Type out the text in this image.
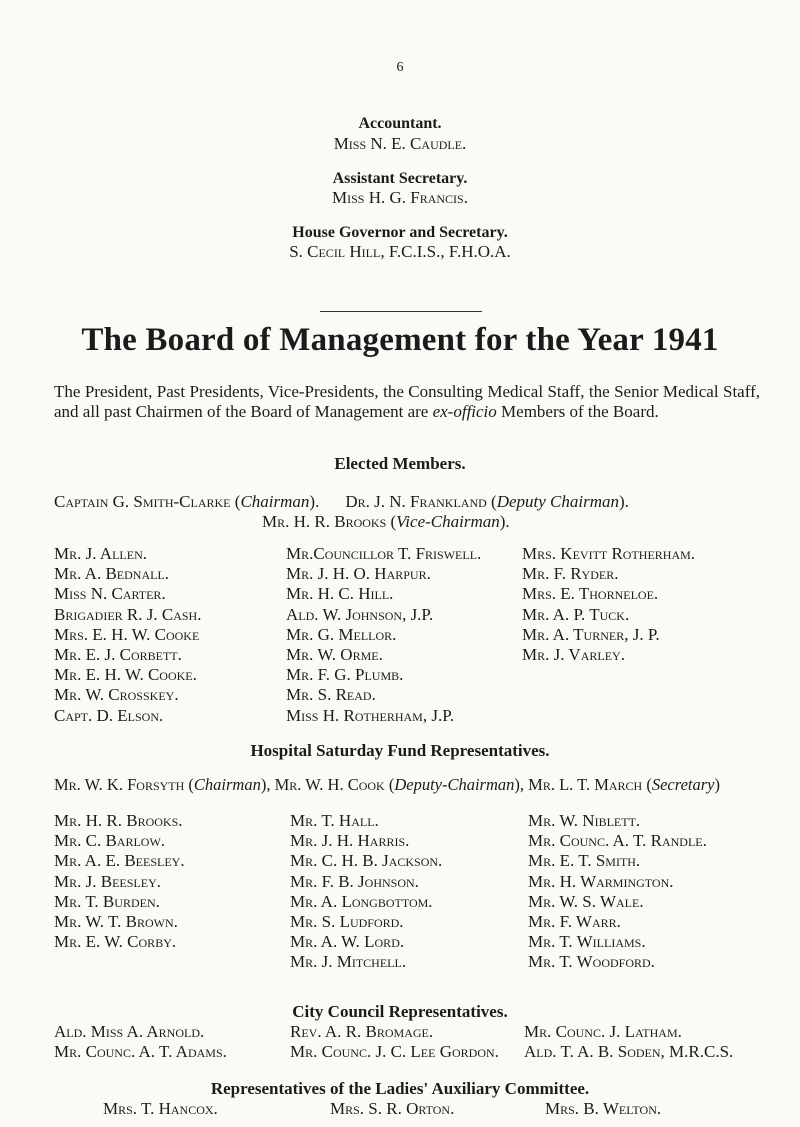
6
Accountant.
Miss N. E. Caudle.
Assistant Secretary.
Miss H. G. Francis.
House Governor and Secretary.
S. Cecil Hill, F.C.I.S., F.H.O.A.
The Board of Management for the Year 1941
The President, Past Presidents, Vice-Presidents, the Consulting Medical Staff, the Senior Medical Staff, and all past Chairmen of the Board of Management are ex-officio Members of the Board.
Elected Members.
Captain G. Smith-Clarke (Chairman). Dr. J. N. Frankland (Deputy Chairman).
Mr. H. R. Brooks (Vice-Chairman).
Mr. J. Allen.
Mr. A. Bednall.
Miss N. Carter.
Brigadier R. J. Cash.
Mrs. E. H. W. Cooke
Mr. E. J. Corbett.
Mr. E. H. W. Cooke.
Mr. W. Crosskey.
Capt. D. Elson.
Mr.Councillor T. Friswell.
Mr. J. H. O. Harpur.
Mr. H. C. Hill.
Ald. W. Johnson, J.P.
Mr. G. Mellor.
Mr. W. Orme.
Mr. F. G. Plumb.
Mr. S. Read.
Miss H. Rotherham, J.P.
Mrs. Kevitt Rotherham.
Mr. F. Ryder.
Mrs. E. Thorneloe.
Mr. A. P. Tuck.
Mr. A. Turner, J. P.
Mr. J. Varley.
Hospital Saturday Fund Representatives.
Mr. W. K. Forsyth (Chairman), Mr. W. H. Cook (Deputy-Chairman), Mr. L. T. March (Secretary)
Mr. H. R. Brooks.
Mr. C. Barlow.
Mr. A. E. Beesley.
Mr. J. Beesley.
Mr. T. Burden.
Mr. W. T. Brown.
Mr. E. W. Corby.
Mr. T. Hall.
Mr. J. H. Harris.
Mr. C. H. B. Jackson.
Mr. F. B. Johnson.
Mr. A. Longbottom.
Mr. S. Ludford.
Mr. A. W. Lord.
Mr. J. Mitchell.
Mr. W. Niblett.
Mr. Counc. A. T. Randle.
Mr. E. T. Smith.
Mr. H. Warmington.
Mr. W. S. Wale.
Mr. F. Warr.
Mr. T. Williams.
Mr. T. Woodford.
City Council Representatives.
Ald. Miss A. Arnold.
Mr. Counc. A. T. Adams.
Rev. A. R. Bromage.
Mr. Counc. J. C. Lee Gordon.
Mr. Counc. J. Latham.
Ald. T. A. B. Soden, M.R.C.S.
Representatives of the Ladies' Auxiliary Committee.
Mrs. T. Hancox.	Mrs. S. R. Orton.	Mrs. B. Welton.
